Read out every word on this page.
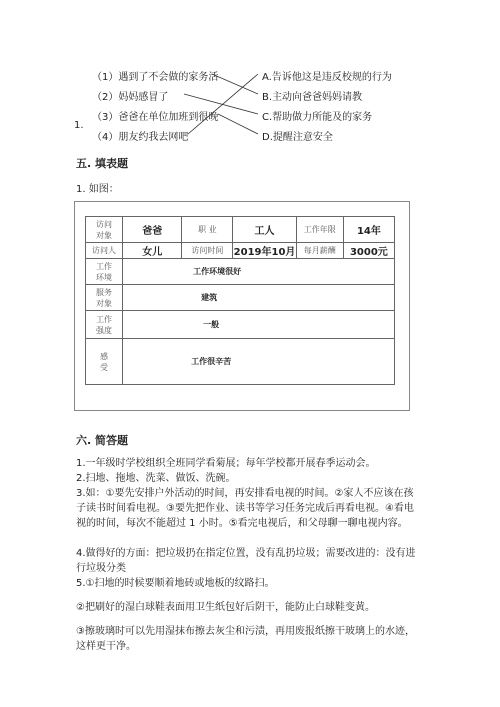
1.
（1）遇到了不会做的家务活
（2）妈妈感冒了
（3）爸爸在单位加班到很晚
（4）朋友约我去网吧
A.告诉他这是违反校规的行为
B.主动向爸爸妈妈请教
C.帮助做力所能及的家务
D.提醒注意安全
五. 填表题
1. 如图：
访问
对象	爸爸	职 业	工人	工作年限	14年
访问人	女儿	访问时间	2019年10月	每月薪酬	3000元
工作
环境	工作环境很好				
服务
对象	建筑				
工作
强度	一般				
感
受	工作很辛苦				
六. 简答题
1.一年级时学校组织全班同学看菊展；每年学校都开展春季运动会。
2.扫地、拖地、洗菜、做饭、洗碗。
3.如：①要先安排户外活动的时间，再安排看电视的时间。②家人不应该在孩子读书时间看电视。③要先把作业、读书等学习任务完成后再看电视。④看电视的时间，每次不能超过 1 小时。⑤看完电视后，和父母聊一聊电视内容。
4.做得好的方面：把垃圾扔在指定位置，没有乱扔垃圾；需要改进的：没有进行垃圾分类
5.①扫地的时候要顺着地砖或地板的纹路扫。
②把刷好的湿白球鞋表面用卫生纸包好后阴干，能防止白球鞋变黄。
③擦玻璃时可以先用湿抹布擦去灰尘和污渍，再用废报纸擦干玻璃上的水迹，这样更干净。
